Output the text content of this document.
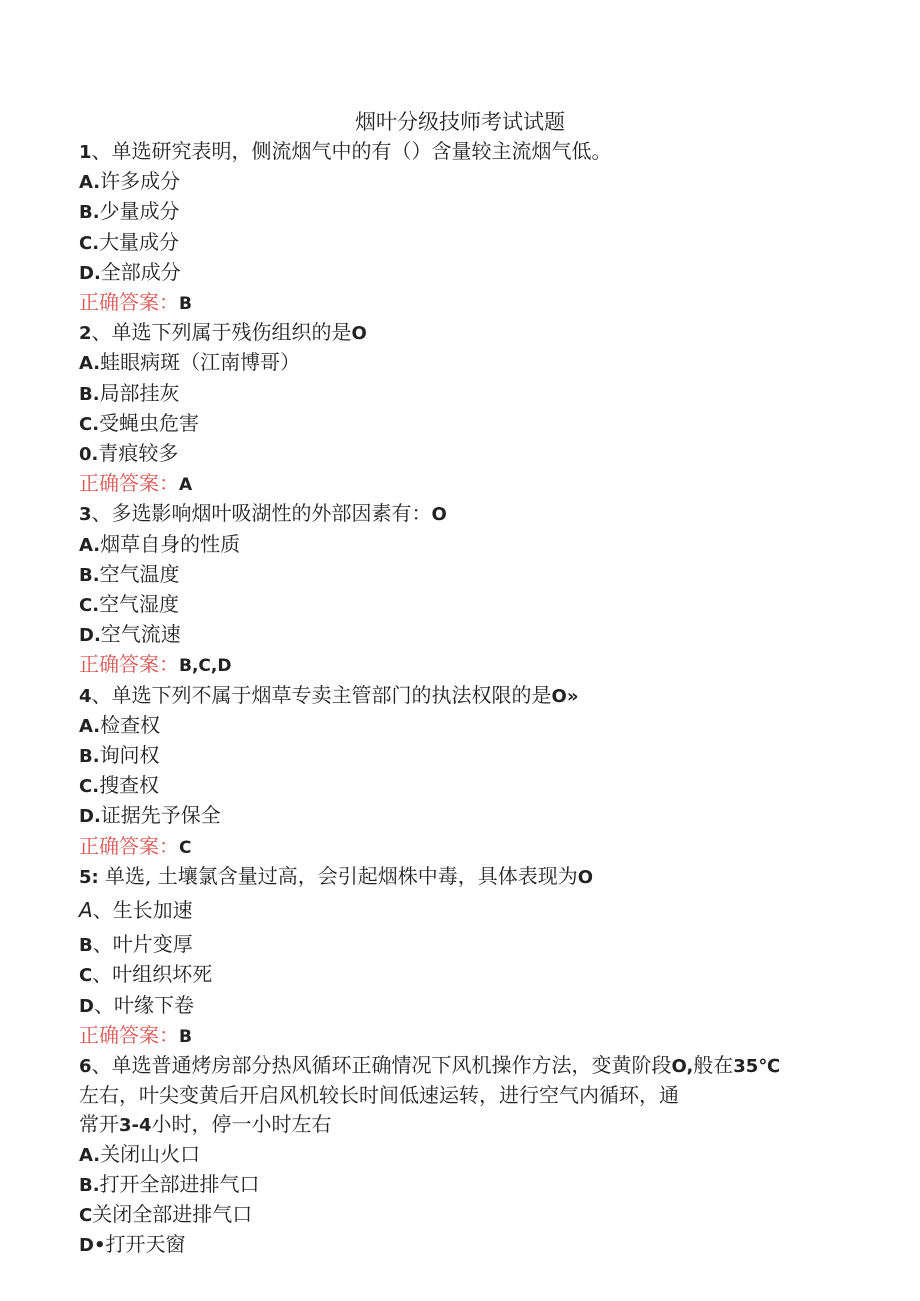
烟叶分级技师考试试题
1、单选研究表明，侧流烟气中的有（）含量较主流烟气低。
A.许多成分
B.少量成分
C.大量成分
D.全部成分
正确答案：B
2、单选下列属于残伤组织的是O
A.蛙眼病斑（江南博哥）
B.局部挂灰
C.受蝇虫危害
0.青痕较多
正确答案：A
3、多选影响烟叶吸湖性的外部因素有：O
A.烟草自身的性质
B.空气温度
C.空气湿度
D.空气流速
正确答案：B,C,D
4、单选下列不属于烟草专卖主管部门的执法权限的是O»
A.检查权
B.询问权
C.搜查权
D.证据先予保全
正确答案：C
5: 单选, 土壤氯含量过高，会引起烟株中毒，具体表现为O
A、生长加速
B、叶片变厚
C、叶组织坏死
D、叶缘下卷
正确答案：B
6、单选普通烤房部分热风循环正确情况下风机操作方法，变黄阶段O,般在35℃
左右，叶尖变黄后开启风机较长时间低速运转，进行空气内循环，通
常开3-4小时，停一小时左右
A.关闭山火口
B.打开全部进排气口
C关闭全部进排气口
D•打开天窗
